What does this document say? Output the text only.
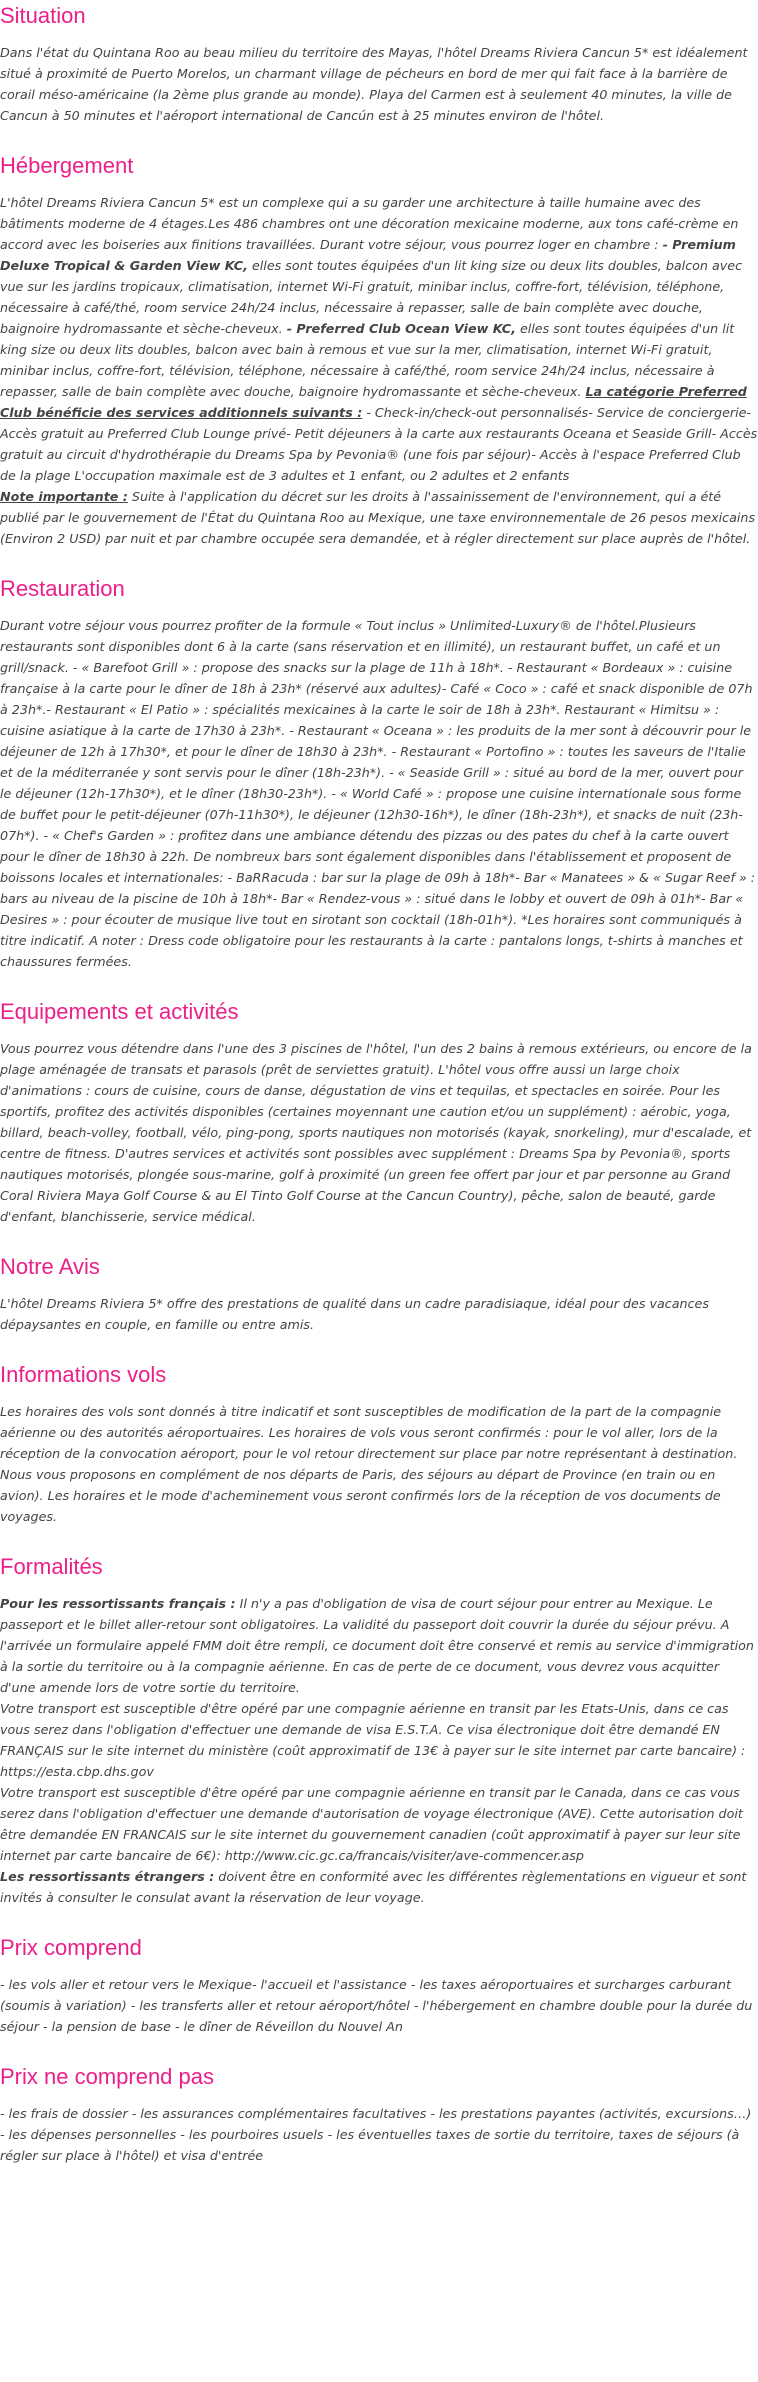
Situation

Dans l'état du Quintana Roo au beau milieu du territoire des Mayas, l'hôtel Dreams Riviera Cancun 5* est idéalement situé à proximité de Puerto Morelos, un charmant village de pécheurs en bord de mer qui fait face à la barrière de corail méso-américaine (la 2ème plus grande au monde). Playa del Carmen est à seulement 40 minutes, la ville de Cancun à 50 minutes et l'aéroport international de Cancún est à 25 minutes environ de l'hôtel.

Hébergement

L'hôtel Dreams Riviera Cancun 5* est un complexe qui a su garder une architecture à taille humaine avec des bâtiments moderne de 4 étages.Les 486 chambres ont une décoration mexicaine moderne, aux tons café-crème en accord avec les boiseries aux finitions travaillées. Durant votre séjour, vous pourrez loger en chambre : - Premium Deluxe Tropical & Garden View KC, elles sont toutes équipées d'un lit king size ou deux lits doubles, balcon avec vue sur les jardins tropicaux, climatisation, internet Wi-Fi gratuit, minibar inclus, coffre-fort, télévision, téléphone, nécessaire à café/thé, room service 24h/24 inclus, nécessaire à repasser, salle de bain complète avec douche, baignoire hydromassante et sèche-cheveux. - Preferred Club Ocean View KC, elles sont toutes équipées d'un lit king size ou deux lits doubles, balcon avec bain à remous et vue sur la mer, climatisation, internet Wi-Fi gratuit, minibar inclus, coffre-fort, télévision, téléphone, nécessaire à café/thé, room service 24h/24 inclus, nécessaire à repasser, salle de bain complète avec douche, baignoire hydromassante et sèche-cheveux. La catégorie Preferred Club bénéficie des services additionnels suivants : - Check-in/check-out personnalisés- Service de conciergerie- Accès gratuit au Preferred Club Lounge privé- Petit déjeuners à la carte aux restaurants Oceana et Seaside Grill- Accès gratuit au circuit d'hydrothérapie du Dreams Spa by Pevonia® (une fois par séjour)- Accès à l'espace Preferred Club de la plage L'occupation maximale est de 3 adultes et 1 enfant, ou 2 adultes et 2 enfants
Note importante : Suite à l'application du décret sur les droits à l'assainissement de l'environnement, qui a été publié par le gouvernement de l'État du Quintana Roo au Mexique, une taxe environnementale de 26 pesos mexicains (Environ 2 USD) par nuit et par chambre occupée sera demandée, et à régler directement sur place auprès de l'hôtel.

Restauration

Durant votre séjour vous pourrez profiter de la formule « Tout inclus » Unlimited-Luxury® de l'hôtel.Plusieurs restaurants sont disponibles dont 6 à la carte (sans réservation et en illimité), un restaurant buffet, un café et un grill/snack. - « Barefoot Grill » : propose des snacks sur la plage de 11h à 18h*. - Restaurant « Bordeaux » : cuisine française à la carte pour le dîner de 18h à 23h* (réservé aux adultes)- Café « Coco » : café et snack disponible de 07h à 23h*.- Restaurant « El Patio » : spécialités mexicaines à la carte le soir de 18h à 23h*. Restaurant « Himitsu » : cuisine asiatique à la carte de 17h30 à 23h*. - Restaurant « Oceana » : les produits de la mer sont à découvrir pour le déjeuner de 12h à 17h30*, et pour le dîner de 18h30 à 23h*. - Restaurant « Portofino » : toutes les saveurs de l'Italie et de la méditerranée y sont servis pour le dîner (18h-23h*). - « Seaside Grill » : situé au bord de la mer, ouvert pour le déjeuner (12h-17h30*), et le dîner (18h30-23h*). - « World Café » : propose une cuisine internationale sous forme de buffet pour le petit-déjeuner (07h-11h30*), le déjeuner (12h30-16h*), le dîner (18h-23h*), et snacks de nuit (23h-07h*). - « Chef's Garden » : profitez dans une ambiance détendu des pizzas ou des pates du chef à la carte ouvert pour le dîner de 18h30 à 22h. De nombreux bars sont également disponibles dans l'établissement et proposent de boissons locales et internationales: - BaRRacuda : bar sur la plage de 09h à 18h*- Bar « Manatees » & « Sugar Reef » : bars au niveau de la piscine de 10h à 18h*- Bar « Rendez-vous » : situé dans le lobby et ouvert de 09h à 01h*- Bar « Desires » : pour écouter de musique live tout en sirotant son cocktail (18h-01h*). *Les horaires sont communiqués à titre indicatif. A noter : Dress code obligatoire pour les restaurants à la carte : pantalons longs, t-shirts à manches et chaussures fermées.

Equipements et activités

Vous pourrez vous détendre dans l'une des 3 piscines de l'hôtel, l'un des 2 bains à remous extérieurs, ou encore de la plage aménagée de transats et parasols (prêt de serviettes gratuit). L'hôtel vous offre aussi un large choix d'animations : cours de cuisine, cours de danse, dégustation de vins et tequilas, et spectacles en soirée. Pour les sportifs, profitez des activités disponibles (certaines moyennant une caution et/ou un supplément) : aérobic, yoga, billard, beach-volley, football, vélo, ping-pong, sports nautiques non motorisés (kayak, snorkeling), mur d'escalade, et centre de fitness. D'autres services et activités sont possibles avec supplément : Dreams Spa by Pevonia®, sports nautiques motorisés, plongée sous-marine, golf à proximité (un green fee offert par jour et par personne au Grand Coral Riviera Maya Golf Course & au El Tinto Golf Course at the Cancun Country), pêche, salon de beauté, garde d'enfant, blanchisserie, service médical.

Notre Avis

L'hôtel Dreams Riviera 5* offre des prestations de qualité dans un cadre paradisiaque, idéal pour des vacances dépaysantes en couple, en famille ou entre amis.

Informations vols

Les horaires des vols sont donnés à titre indicatif et sont susceptibles de modification de la part de la compagnie aérienne ou des autorités aéroportuaires. Les horaires de vols vous seront confirmés : pour le vol aller, lors de la réception de la convocation aéroport, pour le vol retour directement sur place par notre représentant à destination. Nous vous proposons en complément de nos départs de Paris, des séjours au départ de Province (en train ou en avion). Les horaires et le mode d'acheminement vous seront confirmés lors de la réception de vos documents de voyages.

Formalités

Pour les ressortissants français : Il n'y a pas d'obligation de visa de court séjour pour entrer au Mexique. Le passeport et le billet aller-retour sont obligatoires. La validité du passeport doit couvrir la durée du séjour prévu. A l'arrivée un formulaire appelé FMM doit être rempli, ce document doit être conservé et remis au service d'immigration à la sortie du territoire ou à la compagnie aérienne. En cas de perte de ce document, vous devrez vous acquitter d'une amende lors de votre sortie du territoire.
Votre transport est susceptible d'être opéré par une compagnie aérienne en transit par les Etats-Unis, dans ce cas vous serez dans l'obligation d'effectuer une demande de visa E.S.T.A. Ce visa électronique doit être demandé EN FRANÇAIS sur le site internet du ministère (coût approximatif de 13€ à payer sur le site internet par carte bancaire) : https://esta.cbp.dhs.gov
Votre transport est susceptible d'être opéré par une compagnie aérienne en transit par le Canada, dans ce cas vous serez dans l'obligation d'effectuer une demande d'autorisation de voyage électronique (AVE). Cette autorisation doit être demandée EN FRANCAIS sur le site internet du gouvernement canadien (coût approximatif à payer sur leur site internet par carte bancaire de 6€): http://www.cic.gc.ca/francais/visiter/ave-commencer.asp
Les ressortissants étrangers : doivent être en conformité avec les différentes règlementations en vigueur et sont invités à consulter le consulat avant la réservation de leur voyage.

Prix comprend

- les vols aller et retour vers le Mexique- l'accueil et l'assistance - les taxes aéroportuaires et surcharges carburant (soumis à variation) - les transferts aller et retour aéroport/hôtel - l'hébergement en chambre double pour la durée du séjour - la pension de base - le dîner de Réveillon du Nouvel An

Prix ne comprend pas

- les frais de dossier - les assurances complémentaires facultatives - les prestations payantes (activités, excursions…) - les dépenses personnelles - les pourboires usuels - les éventuelles taxes de sortie du territoire, taxes de séjours (à régler sur place à l'hôtel) et visa d'entrée
